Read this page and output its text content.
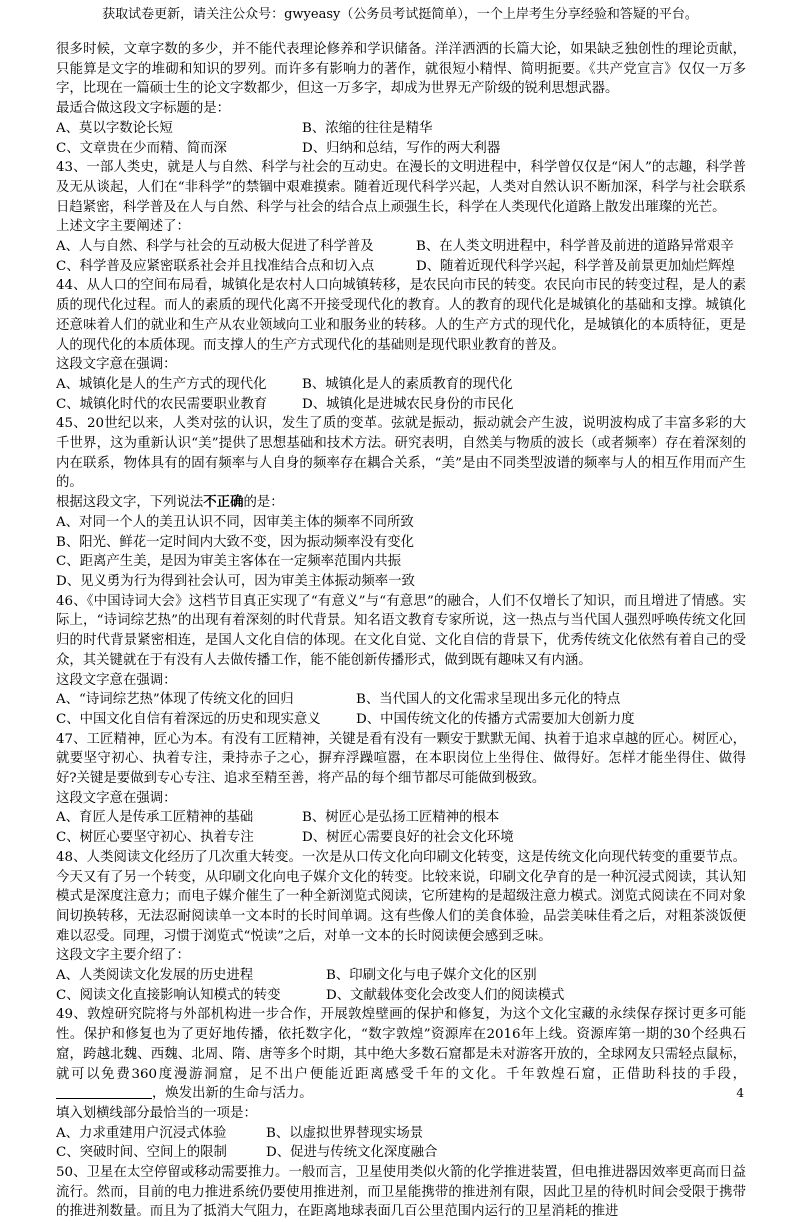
获取试卷更新，请关注公众号：gwyeasy（公务员考试挺简单），一个上岸考生分享经验和答疑的平台。

很多时候，文章字数的多少，并不能代表理论修养和学识储备。洋洋洒洒的长篇大论，如果缺乏独创性的理论贡献，只能算是文字的堆砌和知识的罗列。而许多有影响力的著作，就很短小精悍、简明扼要。《共产党宣言》仅仅一万多字，比现在一篇硕士生的论文字数都少，但这一万多字，却成为世界无产阶级的锐利思想武器。

最适合做这段文字标题的是：

A、莫以字数论长短	B、浓缩的往往是精华
C、文章贵在少而精、简而深	D、归纳和总结，写作的两大利器

43、一部人类史，就是人与自然、科学与社会的互动史。在漫长的文明进程中，科学曾仅仅是“闲人”的志趣，科学普及无从谈起，人们在“非科学”的禁锢中艰难摸索。随着近现代科学兴起，人类对自然认识不断加深，科学与社会联系日趋紧密，科学普及在人与自然、科学与社会的结合点上顽强生长，科学在人类现代化道路上散发出璀璨的光芒。

上述文字主要阐述了：

A、人与自然、科学与社会的互动极大促进了科学普及	B、在人类文明进程中，科学普及前进的道路异常艰辛
C、科学普及应紧密联系社会并且找准结合点和切入点	D、随着近现代科学兴起，科学普及前景更加灿烂辉煌

44、从人口的空间布局看，城镇化是农村人口向城镇转移，是农民向市民的转变。农民向市民的转变过程，是人的素质的现代化过程。而人的素质的现代化离不开接受现代化的教育。人的教育的现代化是城镇化的基础和支撑。城镇化还意味着人们的就业和生产从农业领域向工业和服务业的转移。人的生产方式的现代化，是城镇化的本质特征，更是人的现代化的本质体现。而支撑人的生产方式现代化的基础则是现代职业教育的普及。

这段文字意在强调：

A、城镇化是人的生产方式的现代化	B、城镇化是人的素质教育的现代化
C、城镇化时代的农民需要职业教育	D、城镇化是进城农民身份的市民化

45、20世纪以来，人类对弦的认识，发生了质的变革。弦就是振动，振动就会产生波，说明波构成了丰富多彩的大千世界，这为重新认识“美”提供了思想基础和技术方法。研究表明，自然美与物质的波长（或者频率）存在着深刻的内在联系，物体具有的固有频率与人自身的频率存在耦合关系，“美”是由不同类型波谱的频率与人的相互作用而产生的。

根据这段文字，下列说法不正确的是：

A、对同一个人的美丑认识不同，因审美主体的频率不同所致
B、阳光、鲜花一定时间内大致不变，因为振动频率没有变化
C、距离产生美，是因为审美主客体在一定频率范围内共振
D、见义勇为行为得到社会认可，因为审美主体振动频率一致

46、《中国诗词大会》这档节目真正实现了“有意义”与“有意思”的融合，人们不仅增长了知识，而且增进了情感。实际上，“诗词综艺热”的出现有着深刻的时代背景。知名语文教育专家所说，这一热点与当代国人强烈呼唤传统文化回归的时代背景紧密相连，是国人文化自信的体现。在文化自觉、文化自信的背景下，优秀传统文化依然有着自己的受众，其关键就在于有没有人去做传播工作，能不能创新传播形式，做到既有趣味又有内涵。

这段文字意在强调：

A、“诗词综艺热”体现了传统文化的回归	B、当代国人的文化需求呈现出多元化的特点
C、中国文化自信有着深远的历史和现实意义	D、中国传统文化的传播方式需要加大创新力度

47、工匠精神，匠心为本。有没有工匠精神，关键是看有没有一颗安于默默无闻、执着于追求卓越的匠心。树匠心，就要坚守初心、执着专注，秉持赤子之心，摒弃浮躁喧嚣，在本职岗位上坐得住、做得好。怎样才能坐得住、做得好?关键是要做到专心专注、追求至精至善，将产品的每个细节都尽可能做到极致。

这段文字意在强调：

A、育匠人是传承工匠精神的基础	B、树匠心是弘扬工匠精神的根本
C、树匠心要坚守初心、执着专注	D、树匠心需要良好的社会文化环境

48、人类阅读文化经历了几次重大转变。一次是从口传文化向印刷文化转变，这是传统文化向现代转变的重要节点。今天又有了另一个转变，从印刷文化向电子媒介文化的转变。比较来说，印刷文化孕育的是一种沉浸式阅读，其认知模式是深度注意力；而电子媒介催生了一种全新浏览式阅读，它所建构的是超级注意力模式。浏览式阅读在不同对象间切换转移，无法忍耐阅读单一文本时的长时间单调。这有些像人们的美食体验，品尝美味佳肴之后，对粗茶淡饭便难以忍受。同理，习惯于浏览式“悦读”之后，对单一文本的长时阅读便会感到乏味。

这段文字主要介绍了：

A、人类阅读文化发展的历史进程	B、印刷文化与电子媒介文化的区别
C、阅读文化直接影响认知模式的转变	D、文献载体变化会改变人们的阅读模式

49、敦煌研究院将与外部机构进一步合作，开展敦煌壁画的保护和修复，为这个文化宝藏的永续保存探讨更多可能性。保护和修复也为了更好地传播，依托数字化，“数字敦煌”资源库在2016年上线。资源库第一期的30个经典石窟，跨越北魏、西魏、北周、隋、唐等多个时期，其中绝大多数石窟都是未对游客开放的，全球网友只需轻点鼠标，就可以免费360度漫游洞窟，足不出户便能近距离感受千年的文化。千年敦煌石窟，正借助科技的手段，，焕发出新的生命与活力。

填入划横线部分最恰当的一项是：

A、力求重建用户沉浸式体验	B、以虚拟世界替现实场景
C、突破时间、空间上的限制	D、促进与传统文化深度融合

50、卫星在太空停留或移动需要推力。一般而言，卫星使用类似火箭的化学推进装置，但电推进器因效率更高而日益流行。然而，目前的电力推进系统仍要使用推进剂，而卫星能携带的推进剂有限，因此卫星的待机时间会受限于携带的推进剂数量。而且为了抵消大气阻力，在距离地球表面几百公里范围内运行的卫星消耗的推进

4
